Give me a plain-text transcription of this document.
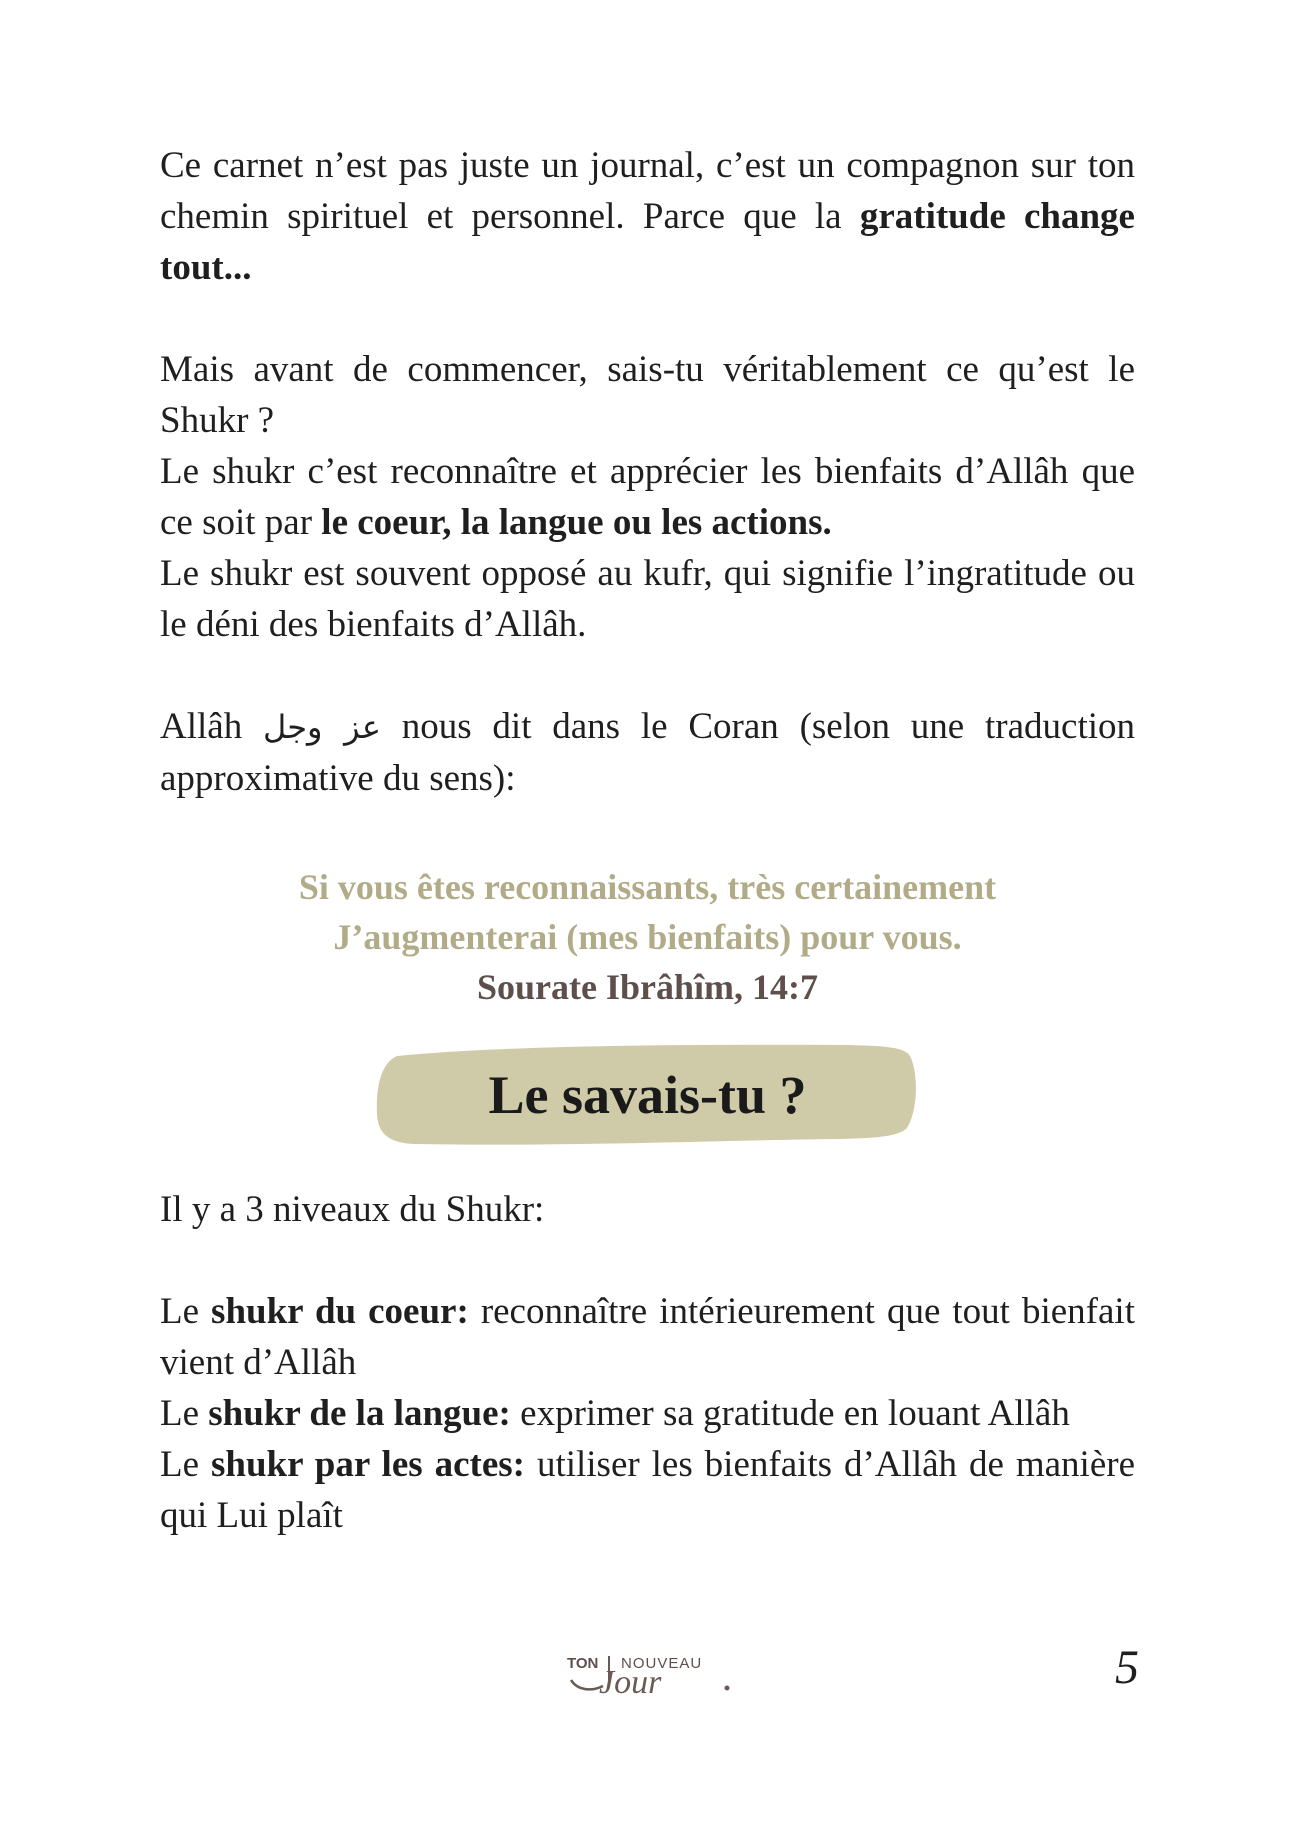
Ce carnet n’est pas juste un journal, c’est un compagnon sur ton chemin spirituel et personnel. Parce que la gratitude change tout...

Mais avant de commencer, sais-tu véritablement ce qu’est le Shukr ?

Le shukr c’est reconnaître et apprécier les bienfaits d’Allâh que ce soit par le coeur, la langue ou les actions.

Le shukr est souvent opposé au kufr, qui signifie l’ingratitude ou le déni des bienfaits d’Allâh.

Allâh عز وجل nous dit dans le Coran (selon une traduction approximative du sens):

Si vous êtes reconnaissants, très certainement
J’augmenterai (mes bienfaits) pour vous.
Sourate Ibrâhîm, 14:7
Le savais-tu ?

Il y a 3 niveaux du Shukr:

Le shukr du coeur: reconnaître intérieurement que tout bienfait vient d’Allâh

Le shukr de la langue: exprimer sa gratitude en louant Allâh

Le shukr par les actes: utiliser les bienfaits d’Allâh de manière qui Lui plaît

TON NOUVEAU
Jour	5
